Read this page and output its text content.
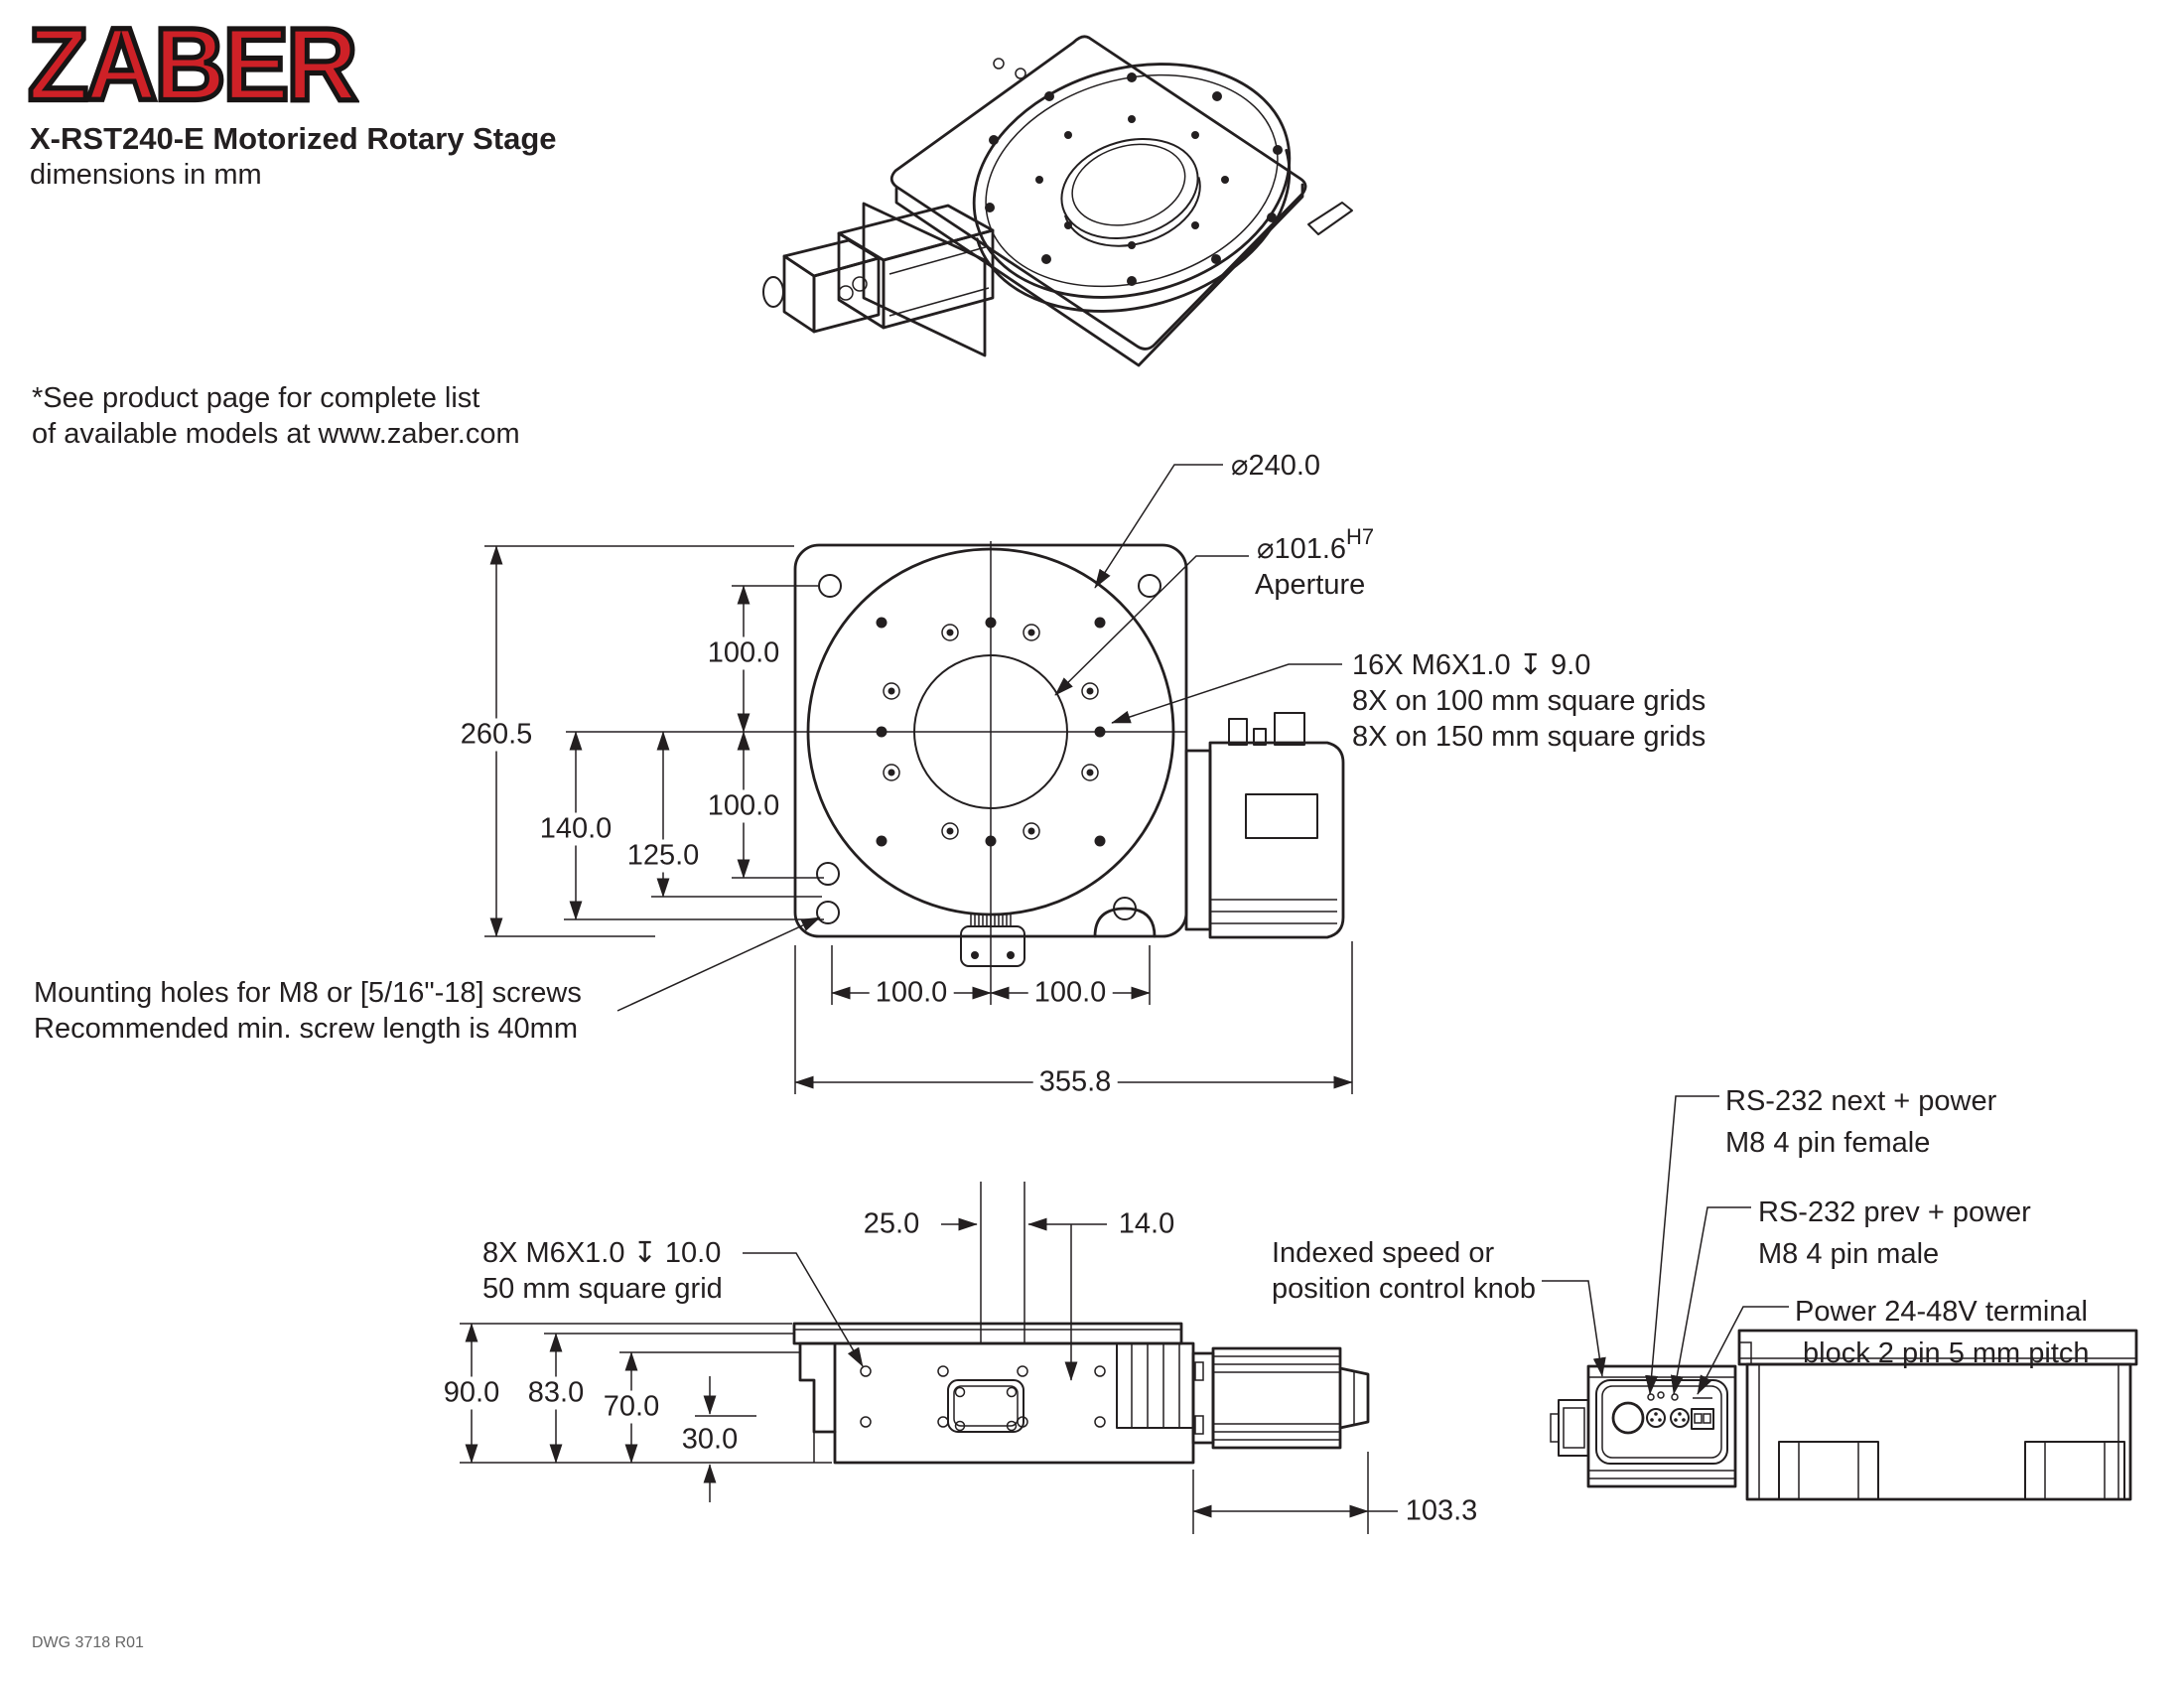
ZABER
X-RST240-E Motorized Rotary Stage
dimensions in mm
*See product page for complete list
of available models at www.zaber.com
⌀240.0
$⌀101.6^{H7}$
Aperture
16X M6X1.0 ↧ 9.0
8X on 100 mm square grids
8X on 150 mm square grids
Mounting holes for M8 or [5/16"-18] screws
Recommended min. screw length is 40mm
260.5
140.0
125.0
100.0
100.0
100.0	100.0
355.8
8X M6X1.0 ↧ 10.0
50 mm square grid
25.0	14.0
90.0 83.0 70.0
30.0
103.3
Indexed speed or
position control knob
RS-232 next + power
M8 4 pin female
RS-232 prev + power
M8 4 pin male
Power 24-48V terminal
block 2 pin 5 mm pitch
DWG 3718 R01
